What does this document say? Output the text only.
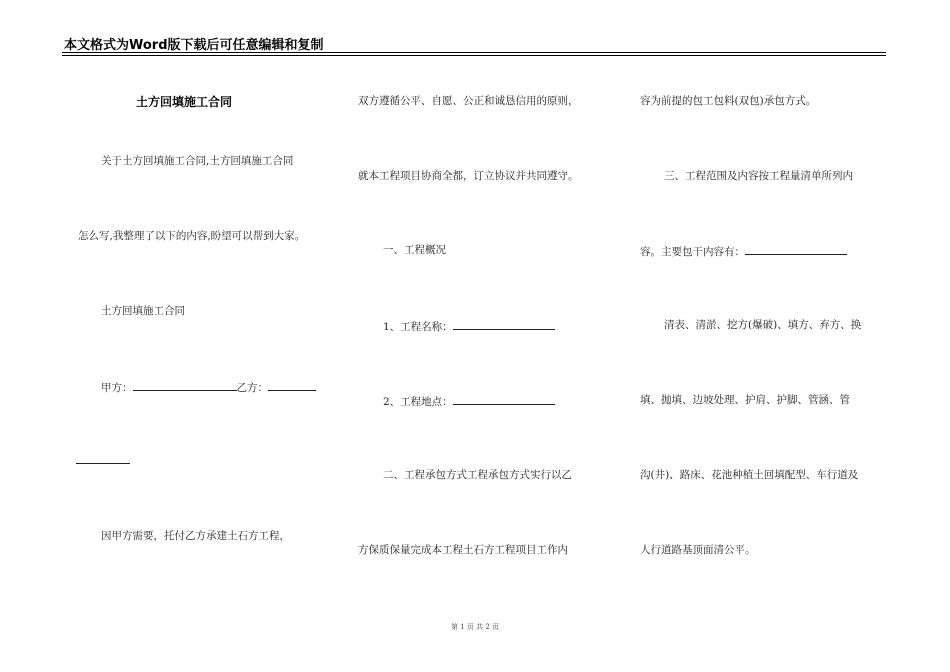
本文格式为Word版下载后可任意编辑和复制
土方回填施工合同
关于土方回填施工合同,土方回填施工合同
怎么写,我整理了以下的内容,盼望可以帮到大家。
土方回填施工合同
甲方：	乙方：
因甲方需要，托付乙方承建土石方工程，
双方遵循公平、自愿、公正和诚恳信用的原则，
就本工程项目协商全都，订立协议并共同遵守。
一、工程概况
1、工程名称：
2、工程地点：
二、工程承包方式工程承包方式实行以乙
方保质保量完成本工程土石方工程项目工作内
容为前提的包工包料(双包)承包方式。
三、工程范围及内容按工程量清单所列内
容。主要包干内容有：
清表、清淤、挖方(爆破)、填方、弃方、换
填、抛填、边坡处理、护肩、护脚、管涵、管
沟(井)、路床、花池种植土回填配型、车行道及
人行道路基顶面清公平。
第 1 页 共 2 页
